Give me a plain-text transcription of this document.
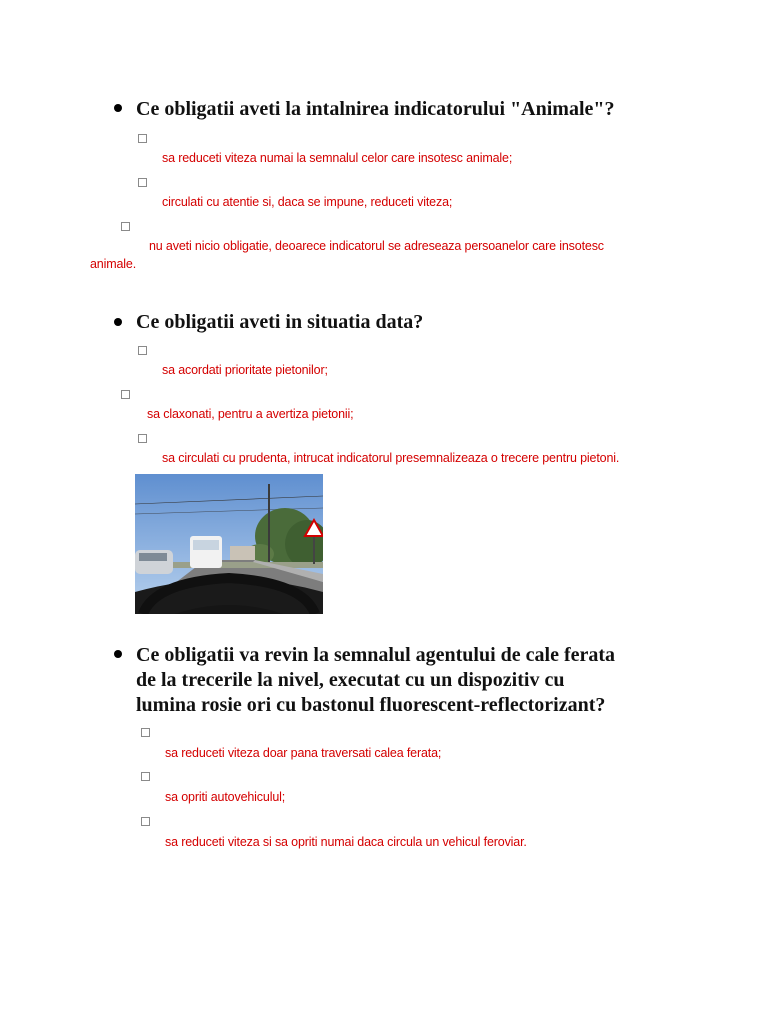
Ce obligatii aveti la intalnirea indicatorului "Animale"?
sa reduceti viteza numai la semnalul celor care insotesc animale;
circulati cu atentie si, daca se impune, reduceti viteza;
nu aveti nicio obligatie, deoarece indicatorul se adreseaza persoanelor care insotesc
animale.
Ce obligatii aveti in situatia data?
sa acordati prioritate pietonilor;
sa claxonati, pentru a avertiza pietonii;
sa circulati cu prudenta, intrucat indicatorul presemnalizeaza o trecere pentru pietoni.
Ce obligatii va revin la semnalul agentului de cale ferata
de la trecerile la nivel, executat cu un dispozitiv cu
lumina rosie ori cu bastonul fluorescent-reflectorizant?
sa reduceti viteza doar pana traversati calea ferata;
sa opriti autovehiculul;
sa reduceti viteza si sa opriti numai daca circula un vehicul feroviar.
